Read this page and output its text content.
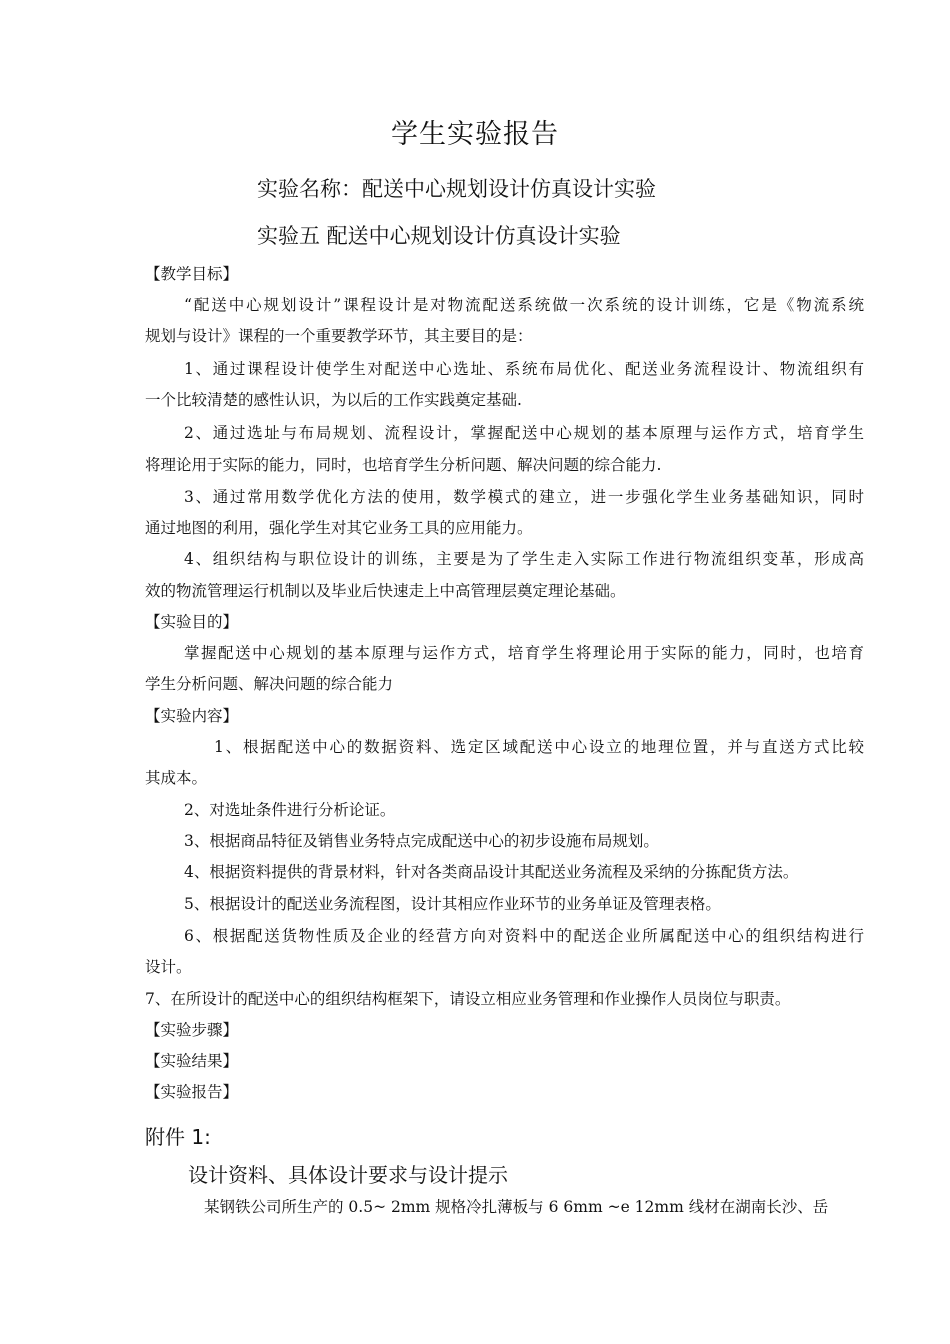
学生实验报告

实验名称：配送中心规划设计仿真设计实验

实验五 配送中心规划设计仿真设计实验

【教学目标】

“配送中心规划设计”课程设计是对物流配送系统做一次系统的设计训练，它是《物流系统

规划与设计》课程的一个重要教学环节，其主要目的是：

1、通过课程设计使学生对配送中心选址、系统布局优化、配送业务流程设计、物流组织有

一个比较清楚的感性认识，为以后的工作实践奠定基础.

2、通过选址与布局规划、流程设计，掌握配送中心规划的基本原理与运作方式，培育学生

将理论用于实际的能力，同时，也培育学生分析问题、解决问题的综合能力.

3、通过常用数学优化方法的使用，数学模式的建立，进一步强化学生业务基础知识，同时

通过地图的利用，强化学生对其它业务工具的应用能力。

4、组织结构与职位设计的训练，主要是为了学生走入实际工作进行物流组织变革，形成高

效的物流管理运行机制以及毕业后快速走上中高管理层奠定理论基础。

【实验目的】

掌握配送中心规划的基本原理与运作方式，培育学生将理论用于实际的能力，同时，也培育

学生分析问题、解决问题的综合能力

【实验内容】

1、根据配送中心的数据资料、选定区域配送中心设立的地理位置，并与直送方式比较

其成本。

2、对选址条件进行分析论证。

3、根据商品特征及销售业务特点完成配送中心的初步设施布局规划。

4、根据资料提供的背景材料，针对各类商品设计其配送业务流程及采纳的分拣配货方法。

5、根据设计的配送业务流程图，设计其相应作业环节的业务单证及管理表格。

6、根据配送货物性质及企业的经营方向对资料中的配送企业所属配送中心的组织结构进行

设计。

7、在所设计的配送中心的组织结构框架下，请设立相应业务管理和作业操作人员岗位与职责。

【实验步骤】

【实验结果】

【实验报告】

附件 1:

设计资料、具体设计要求与设计提示

某钢铁公司所生产的 0.5~ 2mm 规格冷扎薄板与 6 6mm ~e 12mm 线材在湖南长沙、岳
